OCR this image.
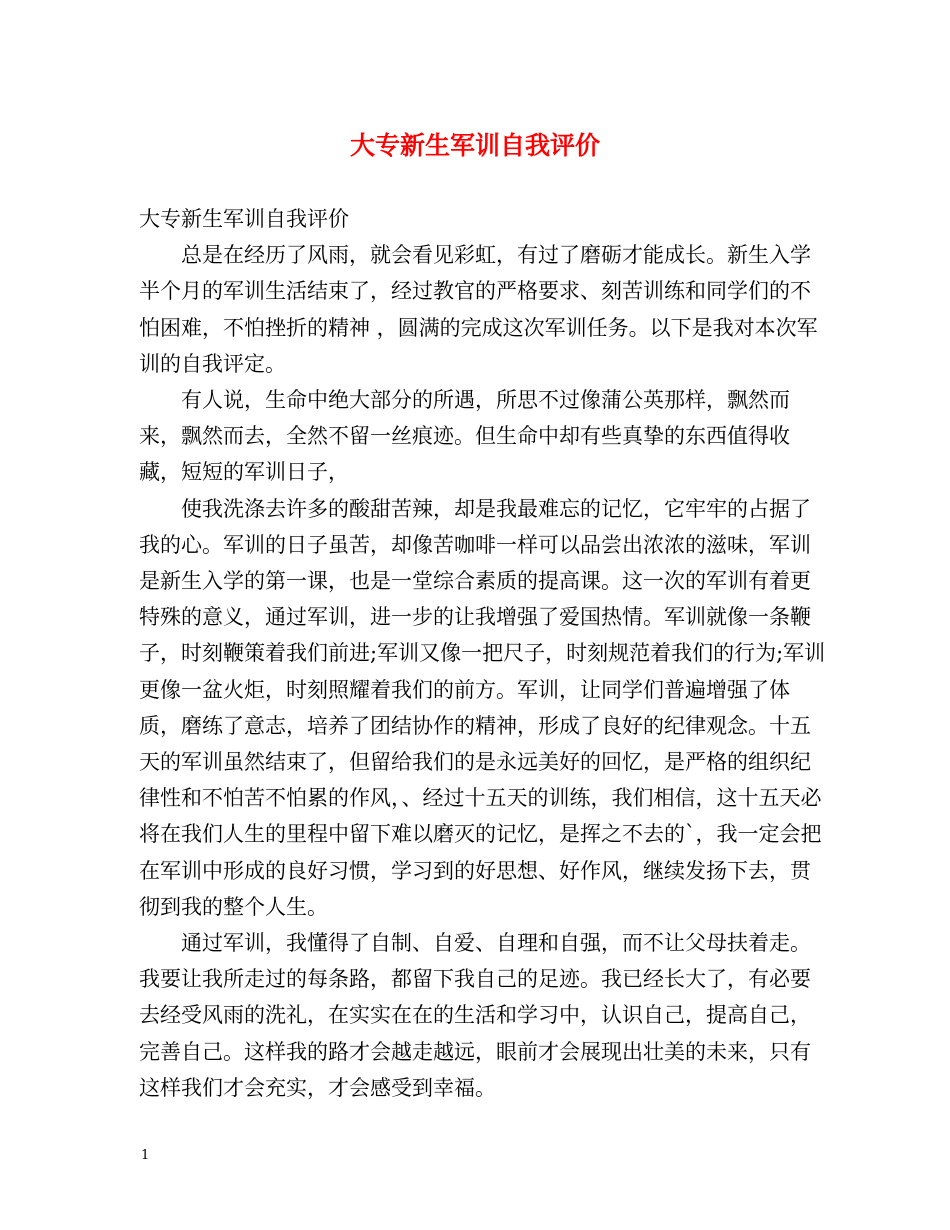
大专新生军训自我评价

大专新生军训自我评价

总是在经历了风雨，就会看见彩虹，有过了磨砺才能成长。新生入学半个月的军训生活结束了，经过教官的严格要求、刻苦训练和同学们的不怕困难，不怕挫折的精神 ，圆满的完成这次军训任务。以下是我对本次军训的自我评定。

有人说，生命中绝大部分的所遇，所思不过像蒲公英那样，飘然而来，飘然而去，全然不留一丝痕迹。但生命中却有些真挚的东西值得收藏，短短的军训日子，

使我洗涤去许多的酸甜苦辣，却是我最难忘的记忆，它牢牢的占据了我的心。军训的日子虽苦，却像苦咖啡一样可以品尝出浓浓的滋味，军训是新生入学的第一课，也是一堂综合素质的提高课。这一次的军训有着更特殊的意义，通过军训，进一步的让我增强了爱国热情。军训就像一条鞭子，时刻鞭策着我们前进;军训又像一把尺子，时刻规范着我们的行为;军训更像一盆火炬，时刻照耀着我们的前方。军训，让同学们普遍增强了体质，磨练了意志，培养了团结协作的精神，形成了良好的纪律观念。十五天的军训虽然结束了，但留给我们的是永远美好的回忆，是严格的组织纪律性和不怕苦不怕累的作风，、经过十五天的训练，我们相信，这十五天必将在我们人生的里程中留下难以磨灭的记忆，是挥之不去的`，我一定会把在军训中形成的良好习惯，学习到的好思想、好作风，继续发扬下去，贯彻到我的整个人生。

通过军训，我懂得了自制、自爱、自理和自强，而不让父母扶着走。我要让我所走过的每条路，都留下我自己的足迹。我已经长大了，有必要去经受风雨的洗礼，在实实在在的生活和学习中，认识自己，提高自己，完善自己。这样我的路才会越走越远，眼前才会展现出壮美的未来，只有这样我们才会充实，才会感受到幸福。

1
